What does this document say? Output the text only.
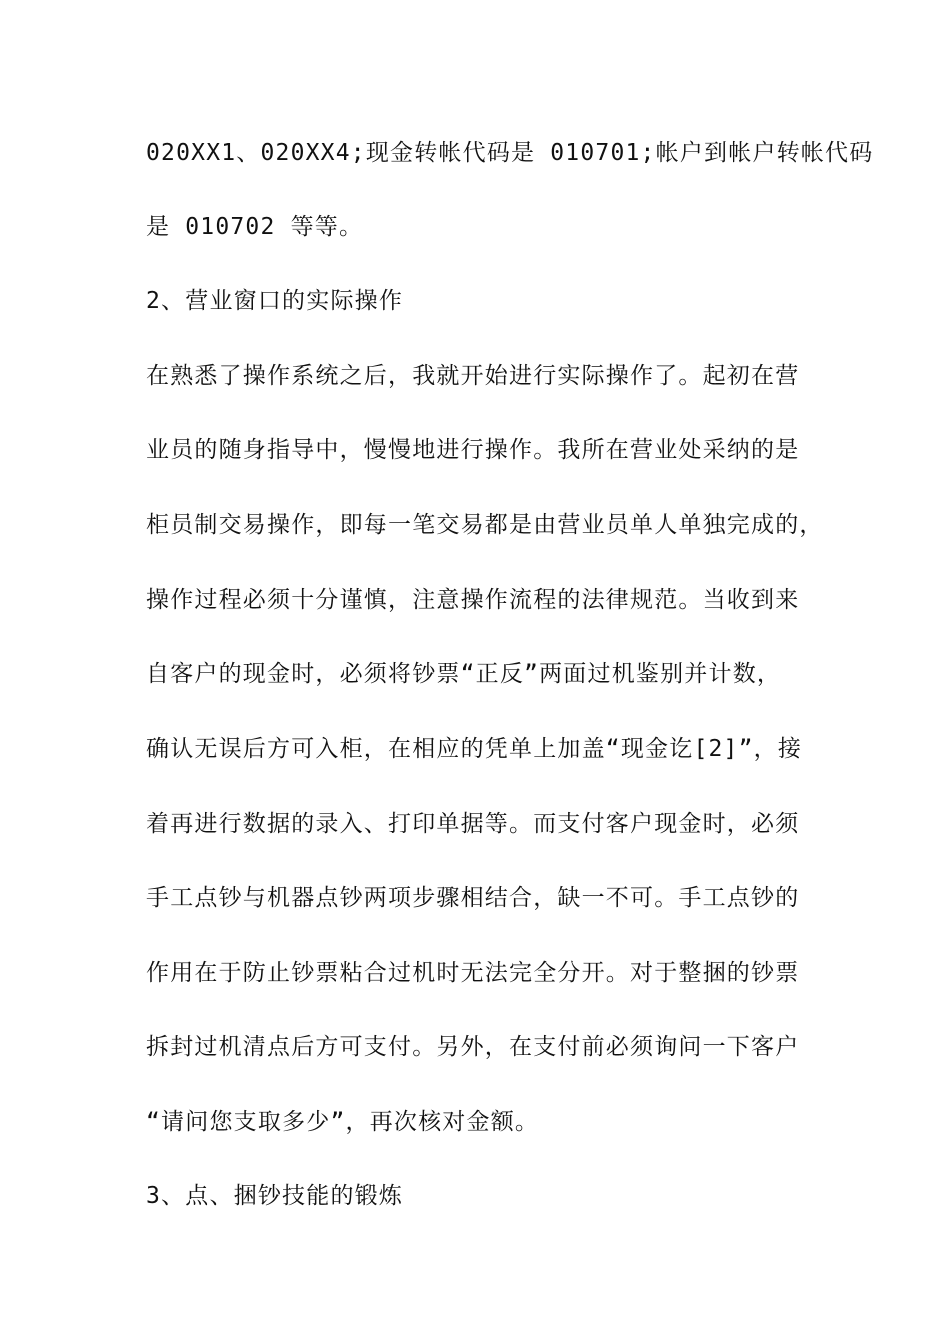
020XX1、020XX4;现金转帐代码是 010701;帐户到帐户转帐代码
是 010702 等等。
2、营业窗口的实际操作
在熟悉了操作系统之后，我就开始进行实际操作了。起初在营
业员的随身指导中，慢慢地进行操作。我所在营业处采纳的是
柜员制交易操作，即每一笔交易都是由营业员单人单独完成的，
操作过程必须十分谨慎，注意操作流程的法律规范。当收到来
自客户的现金时，必须将钞票“正反”两面过机鉴别并计数，
确认无误后方可入柜，在相应的凭单上加盖“现金讫[2]”，接
着再进行数据的录入、打印单据等。而支付客户现金时，必须
手工点钞与机器点钞两项步骤相结合，缺一不可。手工点钞的
作用在于防止钞票粘合过机时无法完全分开。对于整捆的钞票
拆封过机清点后方可支付。另外，在支付前必须询问一下客户
“请问您支取多少”，再次核对金额。
3、点、捆钞技能的锻炼
